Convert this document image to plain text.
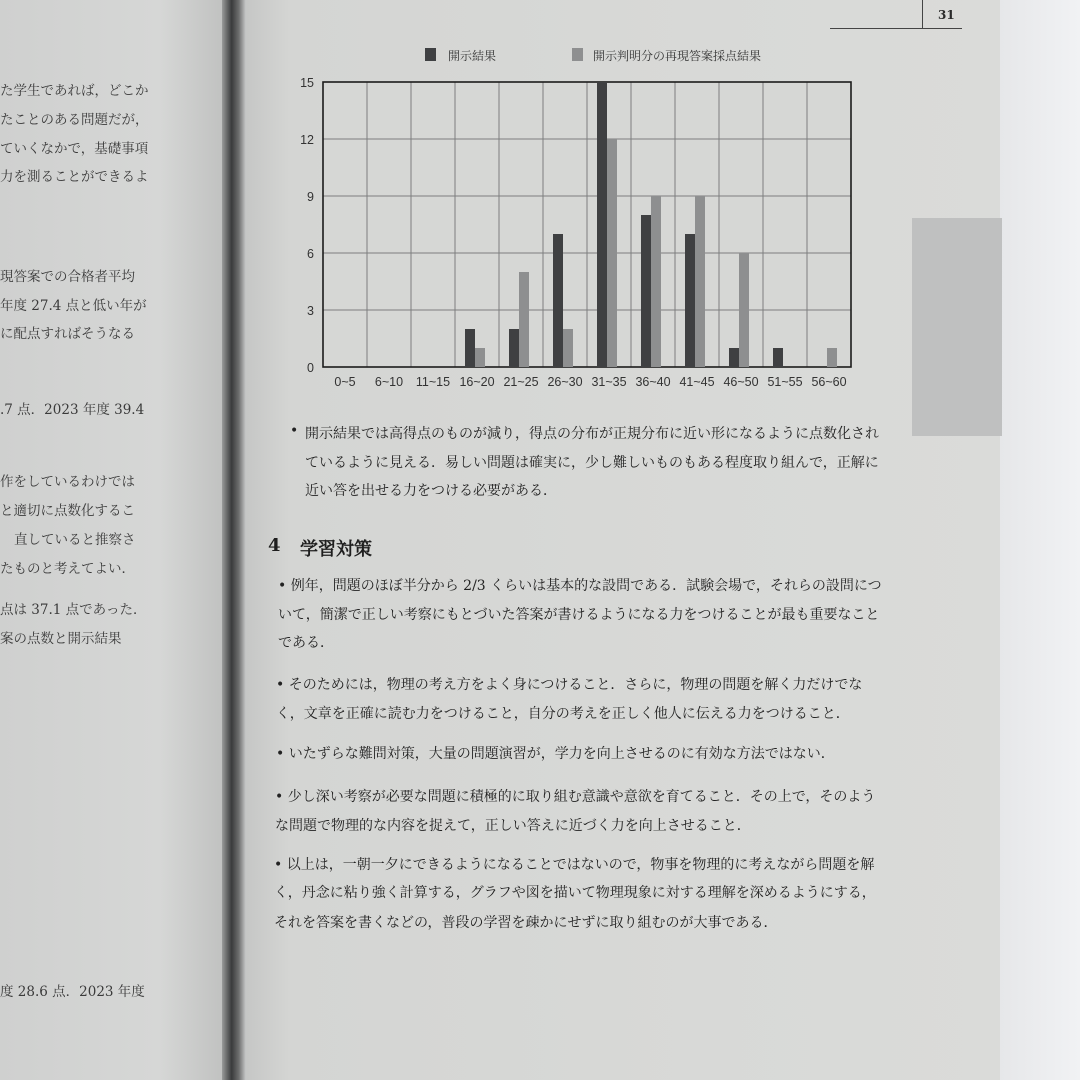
た学生であれば，どこか
たことのある問題だが，
ていくなかで，基礎事項
力を測ることができるよ
現答案での合格者平均
年度 27.4 点と低い年が
に配点すればそうなる
.7 点．2023 年度 39.4
作をしているわけでは
と適切に点数化するこ
直していると推察さ
たものと考えてよい．
点は 37.1 点であった．
案の点数と開示結果
度 28.6 点．2023 年度
31
開示結果	開示判明分の再現答案採点結果
0
3
6
9
12
15
0~5 6~10 11~15 16~20 21~25 26~30 31~35 36~40 41~45 46~50 51~55 56~60
• 開示結果では高得点のものが減り，得点の分布が正規分布に近い形になるように点数化され
ているように見える．易しい問題は確実に，少し難しいものもある程度取り組んで，正解に
近い答を出せる力をつける必要がある．
4 学習対策
• 例年，問題のほぼ半分から 2/3 くらいは基本的な設問である．試験会場で，それらの設問につ
いて，簡潔で正しい考察にもとづいた答案が書けるようになる力をつけることが最も重要なこと
である．
• そのためには，物理の考え方をよく身につけること．さらに，物理の問題を解く力だけでな
く，文章を正確に読む力をつけること，自分の考えを正しく他人に伝える力をつけること．
• いたずらな難問対策，大量の問題演習が，学力を向上させるのに有効な方法ではない．
• 少し深い考察が必要な問題に積極的に取り組む意識や意欲を育てること．その上で，そのよう
な問題で物理的な内容を捉えて，正しい答えに近づく力を向上させること．
• 以上は，一朝一夕にできるようになることではないので，物事を物理的に考えながら問題を解
く，丹念に粘り強く計算する，グラフや図を描いて物理現象に対する理解を深めるようにする，
それを答案を書くなどの，普段の学習を疎かにせずに取り組むのが大事である．
